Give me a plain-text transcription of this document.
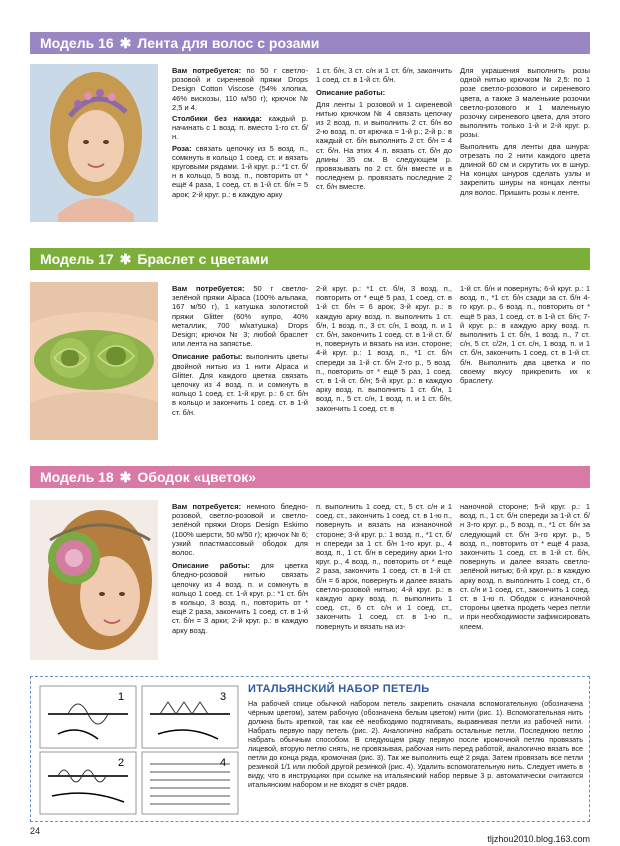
Модель 16 ✱ Лента для волос с розами

Вам потребуется: по 50 г светло-розовой и сиреневой пряжи Drops Design Cotton Viscose (54% хлопка, 46% вискозы, 110 м/50 г); крючок № 2,5 и 4.

Столбики без накида: каждый р. начинать с 1 возд. п. вместо 1-го ст. б/н.

Роза: связать цепочку из 5 возд. п., сомкнуть в кольцо 1 соед. ст. и вязать круговыми рядами. 1-й круг. р.: *1 ст. б/н в кольцо, 5 возд. п., повторить от * ещё 4 раза, 1 соед. ст. в 1-й ст. б/н = 5 арок; 2-й круг. р.: в каждую арку

1 ст. б/н, 3 ст. с/н и 1 ст. б/н, закончить 1 соед. ст. в 1-й ст. б/н.

Описание работы:

Для ленты 1 розовой и 1 сиреневой нитью крючком № 4 связать цепочку из 2 возд. п. и выполнить 2 ст. б/н во 2-ю возд. п. от крючка = 1-й р.; 2-й р.: в каждый ст. б/н выполнить 2 ст. б/н = 4 ст. б/н. На этих 4 п. вязать ст. б/н до длины 35 см. В следующем р. провязывать по 2 ст. б/н вместе и в последнем р. провязать последние 2 ст. б/н вместе.

Для украшения выполнить розы одной нитью крючком № 2,5: по 1 розе светло-розового и сиреневого цвета, а также 3 маленькие розочки светло-розового и 1 маленькую розочку сиреневого цвета, для этого выполнить только 1-й и 2-й круг. р. розы.

Выполнить для ленты два шнура: отрезать по 2 нити каждого цвета длиной 60 см и скрутить их в шнур. На концах шнуров сделать узлы и закрепить шнуры на концах ленты для волос. Пришить розы к ленте.

Модель 17 ✱ Браслет с цветами

Вам потребуется: 50 г светло-зелёной пряжи Alpaca (100% альпака, 167 м/50 г), 1 катушка золотистой пряжи Glitter (60% купро, 40% металлик, 700 м/катушка) Drops Design; крючок № 3; любой браслет или лента на запястье.

Описание работы: выполнить цветы двойной нитью из 1 нити Alpaca и Glitter. Для каждого цветка связать цепочку из 4 возд. п. и сомкнуть в кольцо 1 соед. ст. 1-й круг. р.: 6 ст. б/н в кольцо и закончить 1 соед. ст. в 1-й ст. б/н.

2-й круг. р.: *1 ст. б/н, 3 возд. п., повторить от * ещё 5 раз, 1 соед. ст. в 1-й ст. б/н = 6 арок; 3-й круг. р.: в каждую арку возд. п. выполнить 1 ст. б/н, 1 возд. п., 3 ст. с/н, 1 возд. п. и 1 ст. б/н, закончить 1 соед. ст. в 1-й ст. б/н, повернуть и вязать на изн. стороне; 4-й круг. р.: 1 возд. п., *1 ст. б/н спереди за 1-й ст. б/н 2-го р., 5 возд. п., повторить от * ещё 5 раз, 1 соед. ст. в 1-й ст. б/н; 5-й круг. р.: в каждую арку возд. п. выполнить 1 ст. б/н, 1 возд. п., 5 ст. с/н, 1 возд. п. и 1 ст. б/н, закончить 1 соед. ст. в

1-й ст. б/н и повернуть; 6-й круг. р.: 1 возд. п., *1 ст. б/н сзади за ст. б/н 4-го круг. р., 6 возд. п., повторить от * ещё 5 раз, 1 соед. ст. в 1-й ст. б/н; 7-й круг. р.: в каждую арку возд. п. выполнить 1 ст. б/н, 1 возд. п., 7 ст. с/н, 5 ст. с/2н, 1 ст. с/н, 1 возд. п. и 1 ст. б/н, закончить 1 соед. ст. в 1-й ст. б/н. Выполнить два цветка и по своему вкусу прикрепить их к браслету.

Модель 18 ✱ Ободок «цветок»

Вам потребуется: немного бледно-розовой, светло-розовой и светло-зелёной пряжи Drops Design Eskimo (100% шерсти, 50 м/50 г); крючок № 6; узкий пластмассовый ободок для волос.

Описание работы: для цветка бледно-розовой нитью связать цепочку из 4 возд. п. и сомкнуть в кольцо 1 соед. ст. 1-й круг. р.: *1 ст. б/н в кольцо, 3 возд. п., повторить от * ещё 2 раза, закончить 1 соед. ст. в 1-й ст. б/н = 3 арки; 2-й круг. р.: в каждую арку возд.

п. выполнить 1 соед. ст., 5 ст. с/н и 1 соед. ст., закончить 1 соед. ст. в 1-ю п., повернуть и вязать на изнаночной стороне; 3-й круг. р.: 1 возд. п., *1 ст. б/н спереди за 1 ст. б/н 1-го круг. р., 4 возд. п., 1 ст. б/н в середину арки 1-го круг. р., 4 возд. п., повторить от * ещё 2 раза, закончить 1 соед. ст. в 1-й ст. б/н = 6 арок, повернуть и далее вязать светло-розовой нитью; 4-й круг. р.: в каждую арку возд. п. выполнить 1 соед. ст., 6 ст. с/н и 1 соед. ст., закончить 1 соед. ст. в 1-ю п., повернуть и вязать на из-

наночной стороне; 5-й круг. р.: 1 возд. п., 1 ст. б/н спереди за 1-й ст. б/н 3-го круг. р., 5 возд. п., *1 ст. б/н за следующий ст. б/н 3-го круг. р., 5 возд. п., повторить от * ещё 4 раза, закончить 1 соед. ст. в 1-й ст. б/н, повернуть и далее вязать светло-зелёной нитью; 6-й круг. р.: в каждую арку возд. п. выполнить 1 соед. ст., 6 ст. с/н и 1 соед. ст., закончить 1 соед. ст. в 1-ю п. Ободок с изнаночной стороны цветка продеть через петли и при необходимости зафиксировать клеем.

1	3
2	4
ИТАЛЬЯНСКИЙ НАБОР ПЕТЕЛЬ
На рабочей спице обычной набором петель закрепить сначала вспомогательную (обозначена чёрным цветом), затем рабочую (обозначена белым цветом) нити (рис. 1). Вспомогательная нить должна быть крепкой, так как её необходимо подтягивать, выравнивая петли из рабочей нити. Набрать первую пару петель (рис. 2). Аналогично набрать остальные петли. Последнюю петлю набрать обычным способом. В следующем ряду первую после кромочной петлю провязать лицевой, вторую петлю снять, не провязывая, рабочая нить перед работой, аналогично вязать все петли до конца ряда, кромочная (рис. 3). Так же выполнить ещё 2 ряда. Затем провязать все петли резинкой 1/1 или любой другой резинкой (рис. 4). Удалить вспомогательную нить. Следует иметь в виду, что в инструкциях при ссылке на итальянский набор первые 3 р. автоматически считаются итальянским набором и не входят в счёт рядов.
24
tljzhou2010.blog.163.com
